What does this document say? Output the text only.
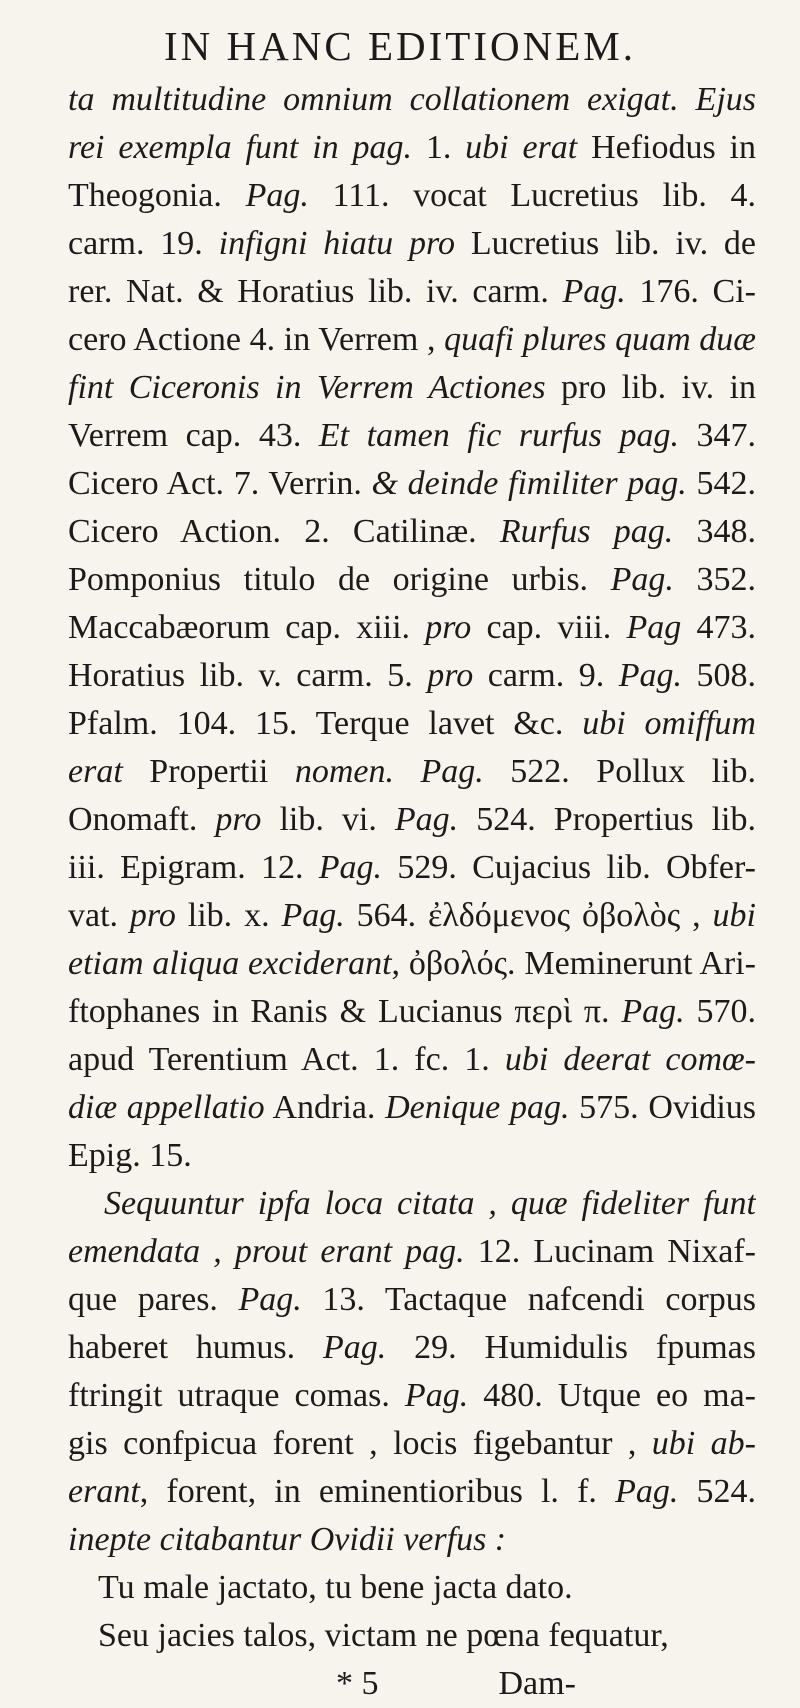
IN HANC EDITIONEM.
ta multitudine omnium collationem exigat. Ejus
rei exempla funt in pag. 1. ubi erat Hefiodus in
Theogonia. Pag. 111. vocat Lucretius lib. 4.
carm. 19. infigni hiatu pro Lucretius lib. iv. de
rer. Nat. & Horatius lib. iv. carm. Pag. 176. Ci-
cero Actione 4. in Verrem , quafi plures quam duæ
fint Ciceronis in Verrem Actiones pro lib. iv. in
Verrem cap. 43. Et tamen fic rurfus pag. 347.
Cicero Act. 7. Verrin. & deinde fimiliter pag. 542.
Cicero Action. 2. Catilinæ. Rurfus pag. 348.
Pomponius titulo de origine urbis. Pag. 352.
Maccabæorum cap. xiii. pro cap. viii. Pag 473.
Horatius lib. v. carm. 5. pro carm. 9. Pag. 508.
Pfalm. 104. 15. Terque lavet &c. ubi omiffum
erat Propertii nomen. Pag. 522. Pollux lib.
Onomaft. pro lib. vi. Pag. 524. Propertius lib.
iii. Epigram. 12. Pag. 529. Cujacius lib. Obfer-
vat. pro lib. x. Pag. 564. ἐλδόμενος ὀβολὸς , ubi
etiam aliqua exciderant, ὀβολός. Meminerunt Ari-
ftophanes in Ranis & Lucianus περὶ π. Pag. 570.
apud Terentium Act. 1. fc. 1. ubi deerat comœ-
diæ appellatio Andria. Denique pag. 575. Ovidius
Epig. 15.
Sequuntur ipfa loca citata , quæ fideliter funt
emendata , prout erant pag. 12. Lucinam Nixaf-
que pares. Pag. 13. Tactaque nafcendi corpus
haberet humus. Pag. 29. Humidulis fpumas
ftringit utraque comas. Pag. 480. Utque eo ma-
gis confpicua forent , locis figebantur , ubi ab-
erant, forent, in eminentioribus l. f. Pag. 524.
inepte citabantur Ovidii verfus :
Tu male jactato, tu bene jacta dato.
Seu jacies talos, victam ne pœna fequatur,
* 5	Dam-
